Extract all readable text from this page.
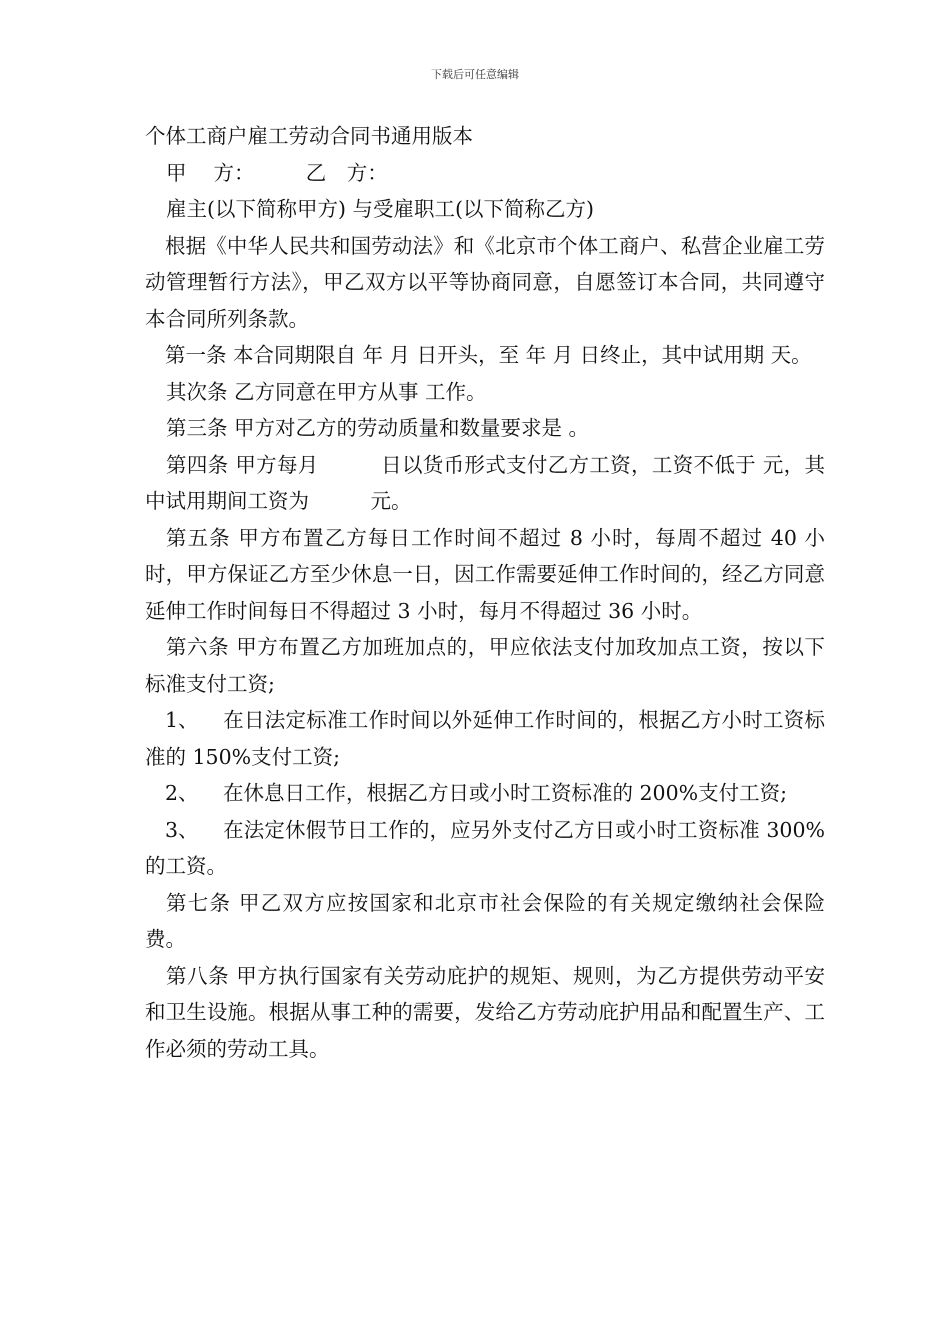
下载后可任意编辑

个体工商户雇工劳动合同书通用版本

甲　 方：　　　乙　方：

雇主(以下简称甲方) 与受雇职工(以下简称乙方)

根据《中华人民共和国劳动法》和《北京市个体工商户、私营企业雇工劳动管理暂行方法》，甲乙双方以平等协商同意，自愿签订本合同，共同遵守本合同所列条款。

第一条 本合同期限自 年 月 日开头，至 年 月 日终止，其中试用期 天。

其次条 乙方同意在甲方从事 工作。

第三条 甲方对乙方的劳动质量和数量要求是 。

第四条 甲方每月　　　日以货币形式支付乙方工资，工资不低于 元，其中试用期间工资为　　　元。

第五条 甲方布置乙方每日工作时间不超过 8 小时，每周不超过 40 小时，甲方保证乙方至少休息一日，因工作需要延伸工作时间的，经乙方同意延伸工作时间每日不得超过 3 小时，每月不得超过 36 小时。

第六条 甲方布置乙方加班加点的，甲应依法支付加玫加点工资，按以下标准支付工资;

1、 在日法定标准工作时间以外延伸工作时间的，根据乙方小时工资标准的 150%支付工资;

2、 在休息日工作，根据乙方日或小时工资标准的 200%支付工资;

3、 在法定休假节日工作的，应另外支付乙方日或小时工资标准 300%的工资。

第七条 甲乙双方应按国家和北京市社会保险的有关规定缴纳社会保险费。

第八条 甲方执行国家有关劳动庇护的规矩、规则，为乙方提供劳动平安和卫生设施。根据从事工种的需要，发给乙方劳动庇护用品和配置生产、工作必须的劳动工具。
